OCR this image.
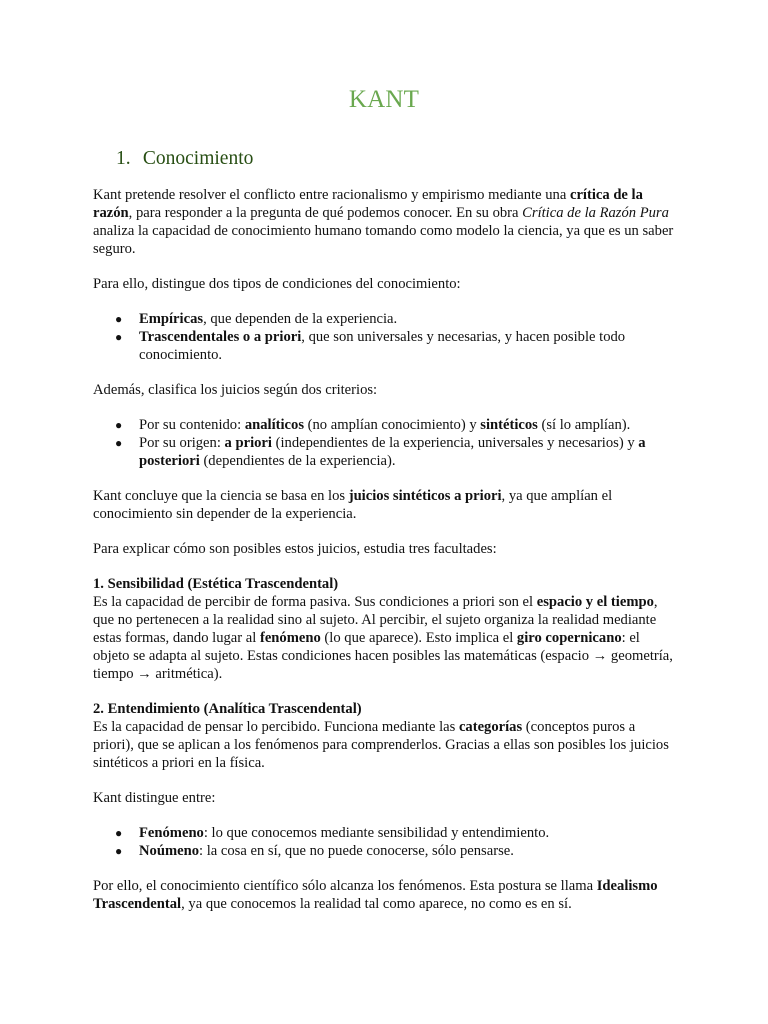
KANT
1. Conocimiento

Kant pretende resolver el conflicto entre racionalismo y empirismo mediante una crítica de la razón, para responder a la pregunta de qué podemos conocer. En su obra Crítica de la Razón Pura analiza la capacidad de conocimiento humano tomando como modelo la ciencia, ya que es un saber seguro.

Para ello, distingue dos tipos de condiciones del conocimiento:

● Empíricas, que dependen de la experiencia.
● Trascendentales o a priori, que son universales y necesarias, y hacen posible todo conocimiento.

Además, clasifica los juicios según dos criterios:

● Por su contenido: analíticos (no amplían conocimiento) y sintéticos (sí lo amplían).
● Por su origen: a priori (independientes de la experiencia, universales y necesarios) y a posteriori (dependientes de la experiencia).

Kant concluye que la ciencia se basa en los juicios sintéticos a priori, ya que amplían el conocimiento sin depender de la experiencia.

Para explicar cómo son posibles estos juicios, estudia tres facultades:

1. Sensibilidad (Estética Trascendental)
Es la capacidad de percibir de forma pasiva. Sus condiciones a priori son el espacio y el tiempo, que no pertenecen a la realidad sino al sujeto. Al percibir, el sujeto organiza la realidad mediante estas formas, dando lugar al fenómeno (lo que aparece). Esto implica el giro copernicano: el objeto se adapta al sujeto. Estas condiciones hacen posibles las matemáticas (espacio → geometría, tiempo → aritmética).

2. Entendimiento (Analítica Trascendental)
Es la capacidad de pensar lo percibido. Funciona mediante las categorías (conceptos puros a priori), que se aplican a los fenómenos para comprenderlos. Gracias a ellas son posibles los juicios sintéticos a priori en la física.

Kant distingue entre:

● Fenómeno: lo que conocemos mediante sensibilidad y entendimiento.
● Noúmeno: la cosa en sí, que no puede conocerse, sólo pensarse.

Por ello, el conocimiento científico sólo alcanza los fenómenos. Esta postura se llama Idealismo Trascendental, ya que conocemos la realidad tal como aparece, no como es en sí.
